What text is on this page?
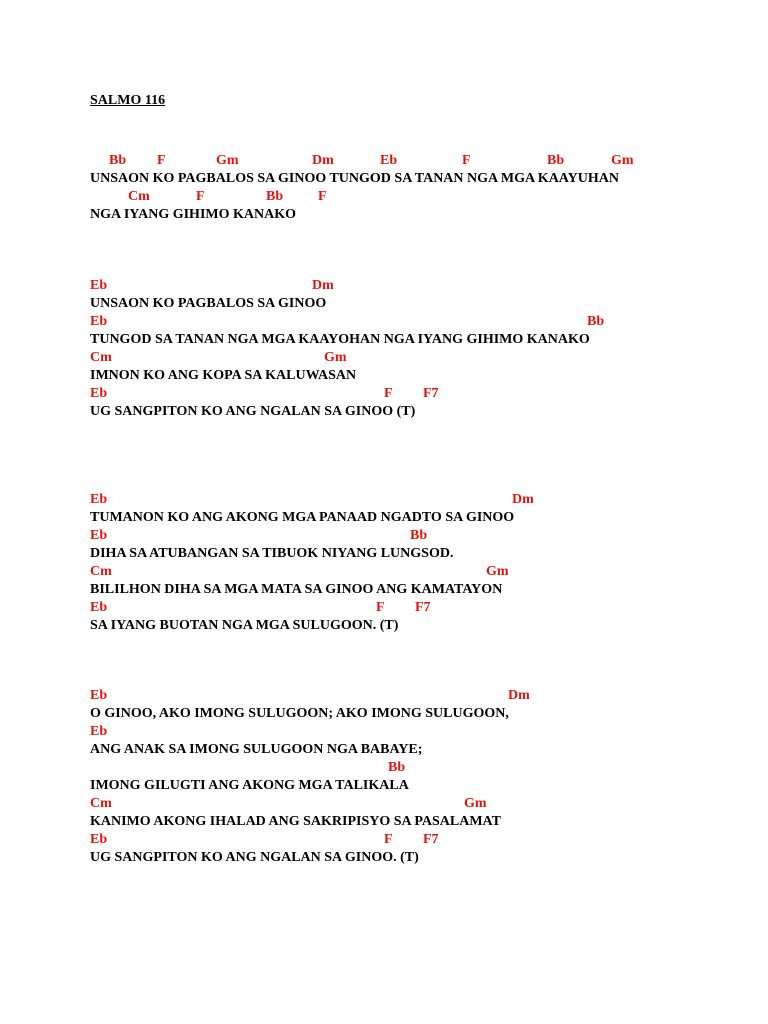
SALMO 116
Bb F	Gm	Dm	Eb	F	Bb	Gm
UNSAON KO PAGBALOS SA GINOO TUNGOD SA TANAN NGA MGA KAAYUHAN
Cm	F	Bb F
NGA IYANG GIHIMO KANAKO
Eb	Dm
UNSAON KO PAGBALOS SA GINOO
Eb	Bb
TUNGOD SA TANAN NGA MGA KAAYOHAN NGA IYANG GIHIMO KANAKO
Cm	Gm
IMNON KO ANG KOPA SA KALUWASAN
Eb	F F7
UG SANGPITON KO ANG NGALAN SA GINOO (T)
Eb	Dm
TUMANON KO ANG AKONG MGA PANAAD NGADTO SA GINOO
Eb	Bb
DIHA SA ATUBANGAN SA TIBUOK NIYANG LUNGSOD.
Cm	Gm
BILILHON DIHA SA MGA MATA SA GINOO ANG KAMATAYON
Eb	F F7
SA IYANG BUOTAN NGA MGA SULUGOON. (T)
Eb	Dm
O GINOO, AKO IMONG SULUGOON; AKO IMONG SULUGOON,
Eb
ANG ANAK SA IMONG SULUGOON NGA BABAYE;
Bb
IMONG GILUGTI ANG AKONG MGA TALIKALA
Cm	Gm
KANIMO AKONG IHALAD ANG SAKRIPISYO SA PASALAMAT
Eb	F F7
UG SANGPITON KO ANG NGALAN SA GINOO. (T)
